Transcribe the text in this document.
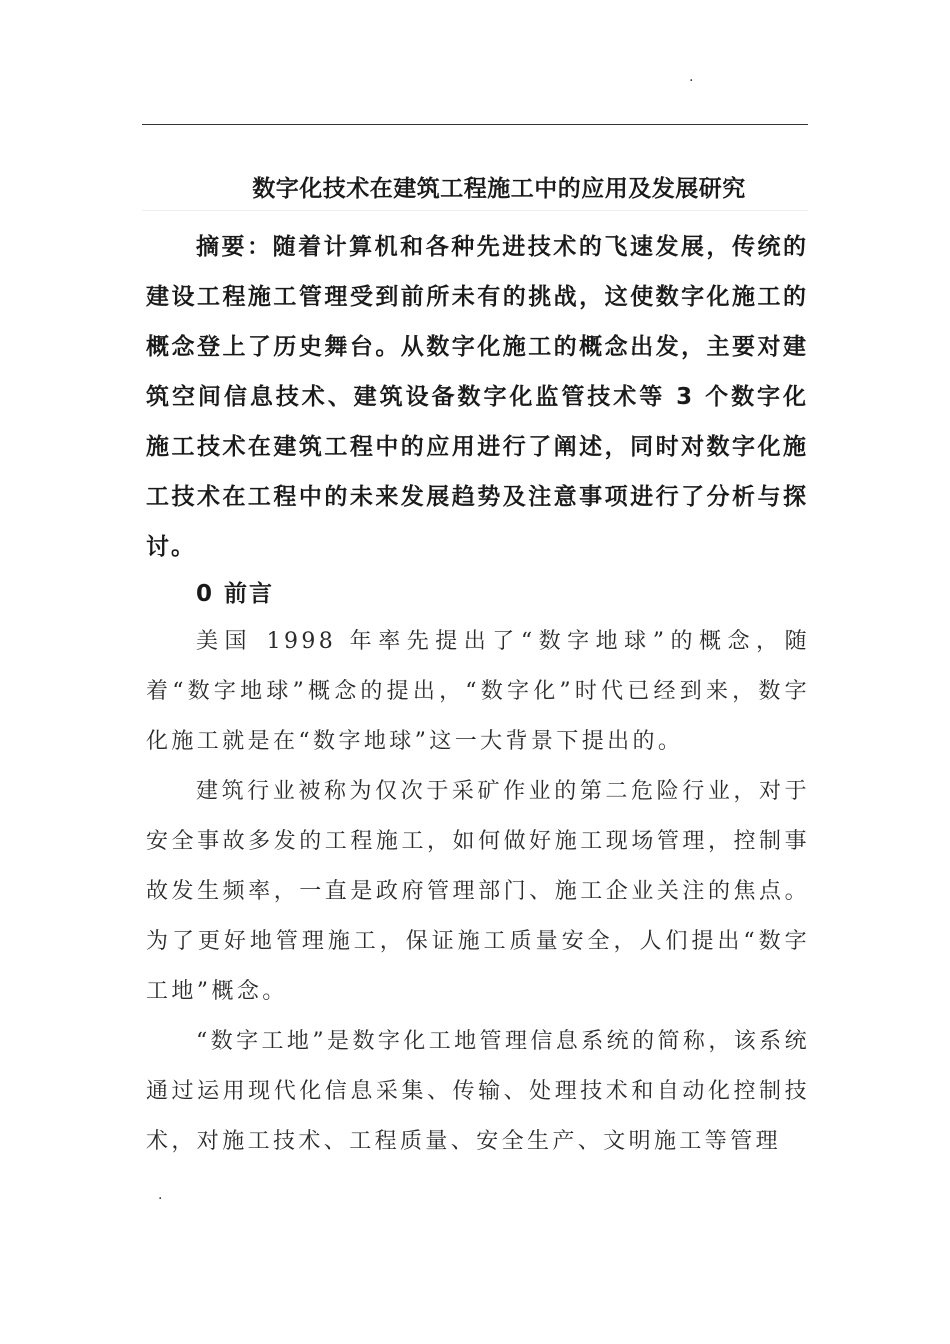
.
数字化技术在建筑工程施工中的应用及发展研究

摘要：随着计算机和各种先进技术的飞速发展，传统的建设工程施工管理受到前所未有的挑战，这使数字化施工的概念登上了历史舞台。从数字化施工的概念出发，主要对建筑空间信息技术、建筑设备数字化监管技术等 3 个数字化施工技术在建筑工程中的应用进行了阐述，同时对数字化施工技术在工程中的未来发展趋势及注意事项进行了分析与探讨。

0 前言

美国 1998 年率先提出了“数字地球”的概念，随着“数字地球”概念的提出，“数字化”时代已经到来，数字化施工就是在“数字地球”这一大背景下提出的。

建筑行业被称为仅次于采矿作业的第二危险行业，对于安全事故多发的工程施工，如何做好施工现场管理，控制事故发生频率，一直是政府管理部门、施工企业关注的焦点。为了更好地管理施工，保证施工质量安全，人们提出“数字工地”概念。

“数字工地”是数字化工地管理信息系统的简称，该系统通过运用现代化信息采集、传输、处理技术和自动化控制技术，对施工技术、工程质量、安全生产、文明施工等管理

.
